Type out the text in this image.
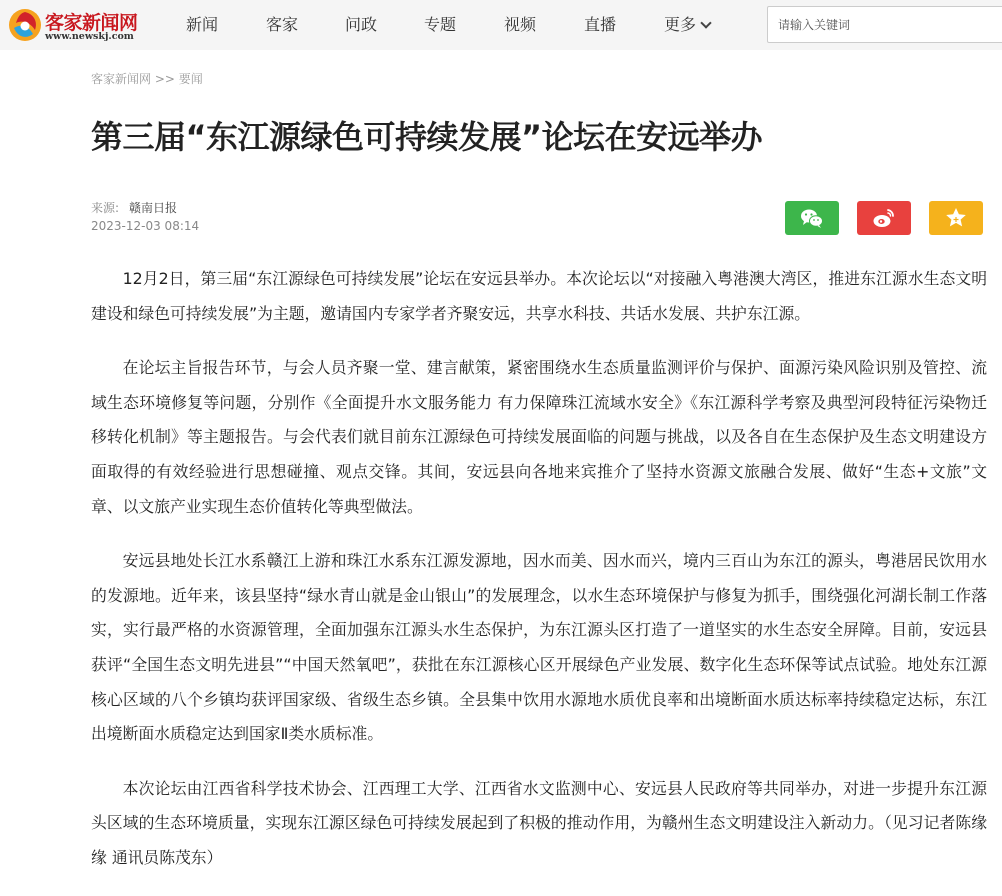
客家新闻网
www.newskj.com
新闻	客家	问政	专题	视频	直播	更多
请输入关键词
客家新闻网 >> 要闻
第三届“东江源绿色可持续发展”论坛在安远举办
来源: 赣南日报
2023-12-03 08:14

12月2日，第三届“东江源绿色可持续发展”论坛在安远县举办。本次论坛以“对接融入粤港澳大湾区，推进东江源水生态文明建设和绿色可持续发展”为主题，邀请国内专家学者齐聚安远，共享水科技、共话水发展、共护东江源。

在论坛主旨报告环节，与会人员齐聚一堂、建言献策，紧密围绕水生态质量监测评价与保护、面源污染风险识别及管控、流域生态环境修复等问题，分别作《全面提升水文服务能力 有力保障珠江流域水安全》《东江源科学考察及典型河段特征污染物迁移转化机制》等主题报告。与会代表们就目前东江源绿色可持续发展面临的问题与挑战，以及各自在生态保护及生态文明建设方面取得的有效经验进行思想碰撞、观点交锋。其间，安远县向各地来宾推介了坚持水资源文旅融合发展、做好“生态+文旅”文章、以文旅产业实现生态价值转化等典型做法。

安远县地处长江水系赣江上游和珠江水系东江源发源地，因水而美、因水而兴，境内三百山为东江的源头，粤港居民饮用水的发源地。近年来，该县坚持“绿水青山就是金山银山”的发展理念，以水生态环境保护与修复为抓手，围绕强化河湖长制工作落实，实行最严格的水资源管理，全面加强东江源头水生态保护，为东江源头区打造了一道坚实的水生态安全屏障。目前，安远县获评“全国生态文明先进县”“中国天然氧吧”，获批在东江源核心区开展绿色产业发展、数字化生态环保等试点试验。地处东江源核心区域的八个乡镇均获评国家级、省级生态乡镇。全县集中饮用水源地水质优良率和出境断面水质达标率持续稳定达标，东江出境断面水质稳定达到国家Ⅱ类水质标准。

本次论坛由江西省科学技术协会、江西理工大学、江西省水文监测中心、安远县人民政府等共同举办，对进一步提升东江源头区域的生态环境质量，实现东江源区绿色可持续发展起到了积极的推动作用，为赣州生态文明建设注入新动力。（见习记者陈缘缘 通讯员陈茂东）
